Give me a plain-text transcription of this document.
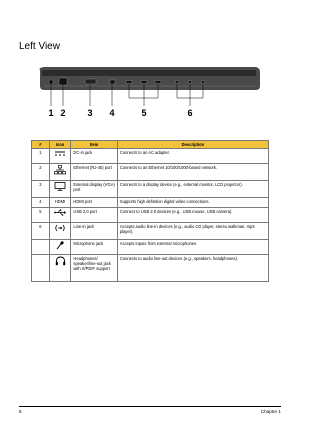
Left View
1 2 3 4	5	6
#	Icon	Item	Description
1		DC-in jack	Connects to an AC adapter.
2		Ethernet (RJ-45) port	Connects to an Ethernet 10/100/1000-based network.
3		External display (VGA) port	Connects to a display device (e.g., external monitor, LCD projector).
4	HDMI	HDMI port	Supports high definition digital video connections.
5		USB 2.0 port	Connect to USB 2.0 devices (e.g., USB mouse, USB camera).
6		Line-in jack	Accepts audio line-in devices (e.g., audio CD player, stereo walkman, mp3 player).
		Microphone jack	Accepts inputs from external microphones.
		Headphones/ speaker/line-out jack with S/PDIF support	Connects to audio line-out devices (e.g., speakers, headphones).
8	Chapter 1
